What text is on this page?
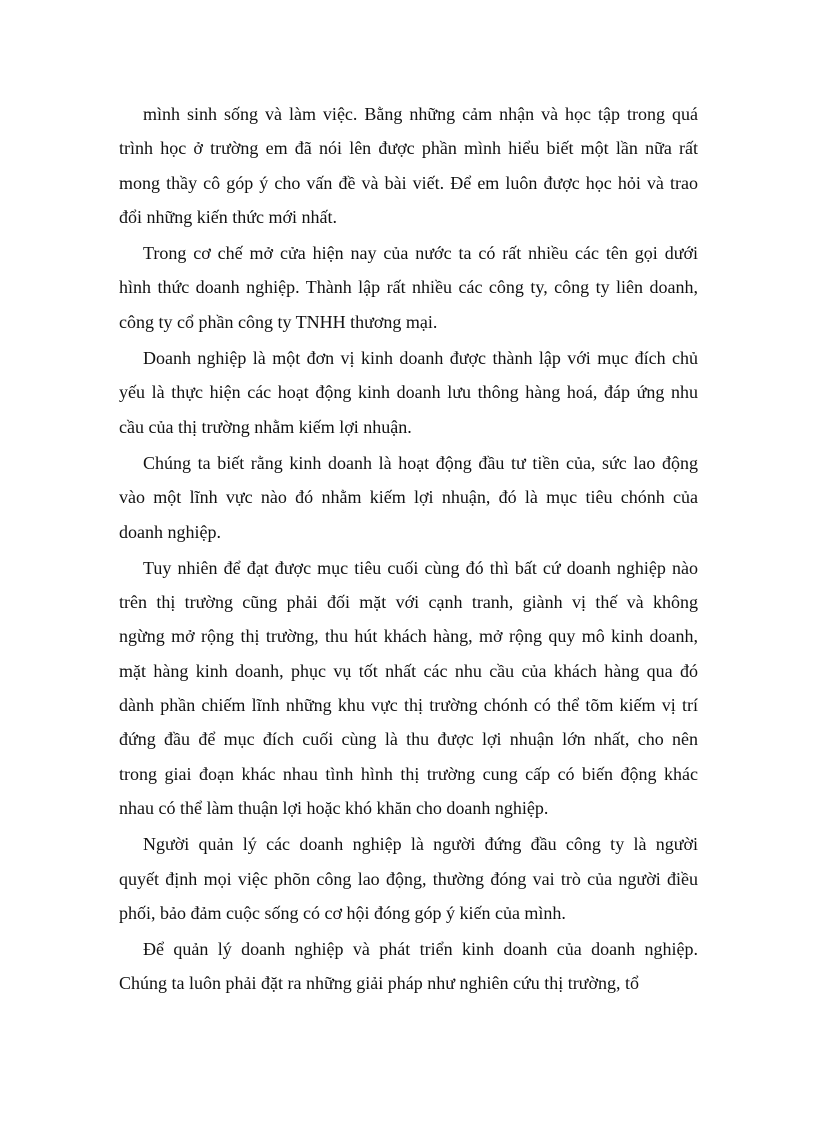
mình sinh sống và làm việc. Bằng những cảm nhận và học tập trong quá
trình học ở trường em đã nói lên được phần mình hiểu biết một lần nữa rất
mong thầy cô góp ý cho vấn đề và bài viết. Để em luôn được học hỏi và trao
đổi những kiến thức mới nhất.
Trong cơ chế mở cửa hiện nay của nước ta có rất nhiều các tên gọi dưới
hình thức doanh nghiệp. Thành lập rất nhiều các công ty, công ty liên doanh,
công ty cổ phần công ty TNHH thương mại.
Doanh nghiệp là một đơn vị kinh doanh được thành lập với mục đích chủ
yếu là thực hiện các hoạt động kinh doanh lưu thông hàng hoá, đáp ứng nhu
cầu của thị trường nhằm kiếm lợi nhuận.
Chúng ta biết rằng kinh doanh là hoạt động đầu tư tiền của, sức lao động
vào một lĩnh vực nào đó nhằm kiếm lợi nhuận, đó là mục tiêu chónh của
doanh nghiệp.
Tuy nhiên để đạt được mục tiêu cuối cùng đó thì bất cứ doanh nghiệp nào
trên thị trường cũng phải đối mặt với cạnh tranh, giành vị thế và không
ngừng mở rộng thị trường, thu hút khách hàng, mở rộng quy mô kinh doanh,
mặt hàng kinh doanh, phục vụ tốt nhất các nhu cầu của khách hàng qua đó
dành phần chiếm lĩnh những khu vực thị trường chónh có thể tõm kiếm vị trí
đứng đầu để mục đích cuối cùng là thu được lợi nhuận lớn nhất, cho nên
trong giai đoạn khác nhau tình hình thị trường cung cấp có biến động khác
nhau có thể làm thuận lợi hoặc khó khăn cho doanh nghiệp.
Người quản lý các doanh nghiệp là người đứng đầu công ty là người
quyết định mọi việc phõn công lao động, thường đóng vai trò của người điều
phối, bảo đảm cuộc sống có cơ hội đóng góp ý kiến của mình.
Để quản lý doanh nghiệp và phát triển kinh doanh của doanh nghiệp.
Chúng ta luôn phải đặt ra những giải pháp như nghiên cứu thị trường, tổ
